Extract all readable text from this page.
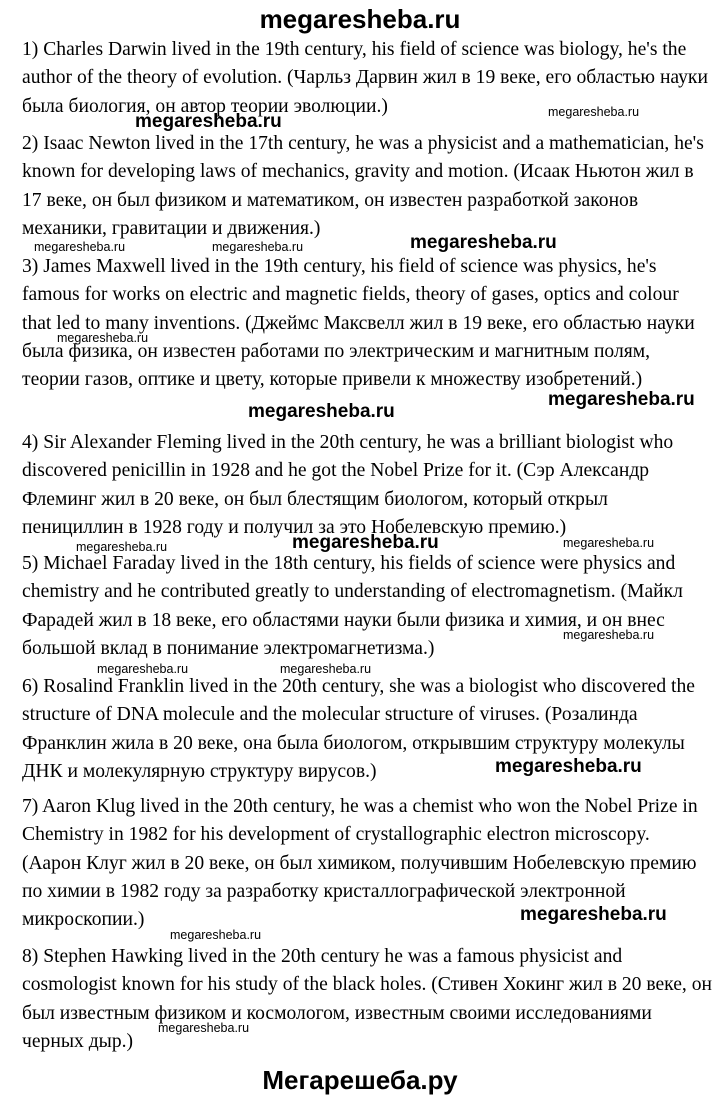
megaresheba.ru

1) Charles Darwin lived in the 19th century, his field of science was biology, he's the author of the theory of evolution. (Чарльз Дарвин жил в 19 веке, его областью науки была биология, он автор теории эволюции.)

2) Isaac Newton lived in the 17th century, he was a physicist and a mathematician, he's known for developing laws of mechanics, gravity and motion. (Исаак Ньютон жил в 17 веке, он был физиком и математиком, он известен разработкой законов механики, гравитации и движения.)

3) James Maxwell lived in the 19th century, his field of science was physics, he's famous for works on electric and magnetic fields, theory of gases, optics and colour that led to many inventions. (Джеймс Максвелл жил в 19 веке, его областью науки была физика, он известен работами по электрическим и магнитным полям, теории газов, оптике и цвету, которые привели к множеству изобретений.)

4) Sir Alexander Fleming lived in the 20th century, he was a brilliant biologist who discovered penicillin in 1928 and he got the Nobel Prize for it. (Сэр Александр Флеминг жил в 20 веке, он был блестящим биологом, который открыл пенициллин в 1928 году и получил за это Нобелевскую премию.)

5) Michael Faraday lived in the 18th century, his fields of science were physics and chemistry and he contributed greatly to understanding of electromagnetism. (Майкл Фарадей жил в 18 веке, его областями науки были физика и химия, и он внес большой вклад в понимание электромагнетизма.)

6) Rosalind Franklin lived in the 20th century, she was a biologist who discovered the structure of DNA molecule and the molecular structure of viruses. (Розалинда Франклин жила в 20 веке, она была биологом, открывшим структуру молекулы ДНК и молекулярную структуру вирусов.)

7) Aaron Klug lived in the 20th century, he was a chemist who won the Nobel Prize in Chemistry in 1982 for his development of crystallographic electron microscopy. (Аарон Клуг жил в 20 веке, он был химиком, получившим Нобелевскую премию по химии в 1982 году за разработку кристаллографической электронной микроскопии.)

8) Stephen Hawking lived in the 20th century he was a famous physicist and cosmologist known for his study of the black holes. (Стивен Хокинг жил в 20 веке, он был известным физиком и космологом, известным своими исследованиями черных дыр.)

megaresheba.ru
megaresheba.ru
megaresheba.ru	megaresheba.ru	megaresheba.ru
megaresheba.ru
megaresheba.ru
megaresheba.ru
megaresheba.ru	megaresheba.ru	megaresheba.ru
megaresheba.ru
megaresheba.ru	megaresheba.ru
megaresheba.ru
megaresheba.ru
megaresheba.ru
megaresheba.ru
Мегарешеба.ру
